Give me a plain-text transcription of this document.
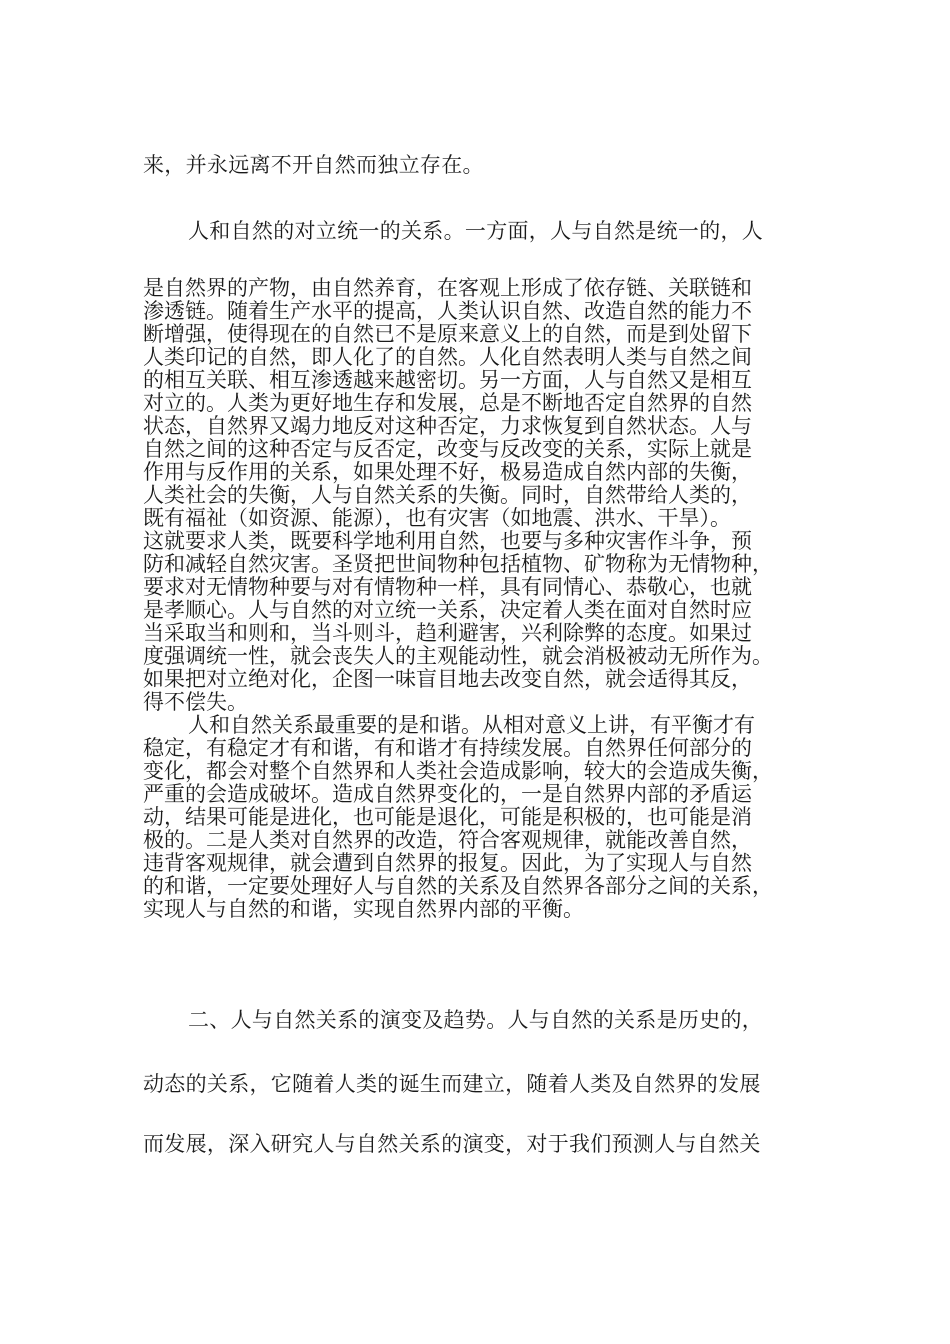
来，并永远离不开自然而独立存在。
人和自然的对立统一的关系。一方面，人与自然是统一的，人
是自然界的产物，由自然养育，在客观上形成了依存链、关联链和
渗透链。随着生产水平的提高，人类认识自然、改造自然的能力不
断增强，使得现在的自然已不是原来意义上的自然，而是到处留下
人类印记的自然，即人化了的自然。人化自然表明人类与自然之间
的相互关联、相互渗透越来越密切。另一方面，人与自然又是相互
对立的。人类为更好地生存和发展，总是不断地否定自然界的自然
状态，自然界又竭力地反对这种否定，力求恢复到自然状态。人与
自然之间的这种否定与反否定，改变与反改变的关系，实际上就是
作用与反作用的关系，如果处理不好，极易造成自然内部的失衡，
人类社会的失衡，人与自然关系的失衡。同时，自然带给人类的，
既有福祉（如资源、能源），也有灾害（如地震、洪水、干旱）。
这就要求人类，既要科学地利用自然，也要与多种灾害作斗争，预
防和减轻自然灾害。圣贤把世间物种包括植物、矿物称为无情物种，
要求对无情物种要与对有情物种一样，具有同情心、恭敬心，也就
是孝顺心。人与自然的对立统一关系，决定着人类在面对自然时应
当采取当和则和，当斗则斗，趋利避害，兴利除弊的态度。如果过
度强调统一性，就会丧失人的主观能动性，就会消极被动无所作为。
如果把对立绝对化，企图一味盲目地去改变自然，就会适得其反，
得不偿失。
人和自然关系最重要的是和谐。从相对意义上讲，有平衡才有
稳定，有稳定才有和谐，有和谐才有持续发展。自然界任何部分的
变化，都会对整个自然界和人类社会造成影响，较大的会造成失衡，
严重的会造成破坏。造成自然界变化的，一是自然界内部的矛盾运
动，结果可能是进化，也可能是退化，可能是积极的，也可能是消
极的。二是人类对自然界的改造，符合客观规律，就能改善自然，
违背客观规律，就会遭到自然界的报复。因此，为了实现人与自然
的和谐，一定要处理好人与自然的关系及自然界各部分之间的关系，
实现人与自然的和谐，实现自然界内部的平衡。
二、人与自然关系的演变及趋势。人与自然的关系是历史的，
动态的关系，它随着人类的诞生而建立，随着人类及自然界的发展
而发展，深入研究人与自然关系的演变，对于我们预测人与自然关
